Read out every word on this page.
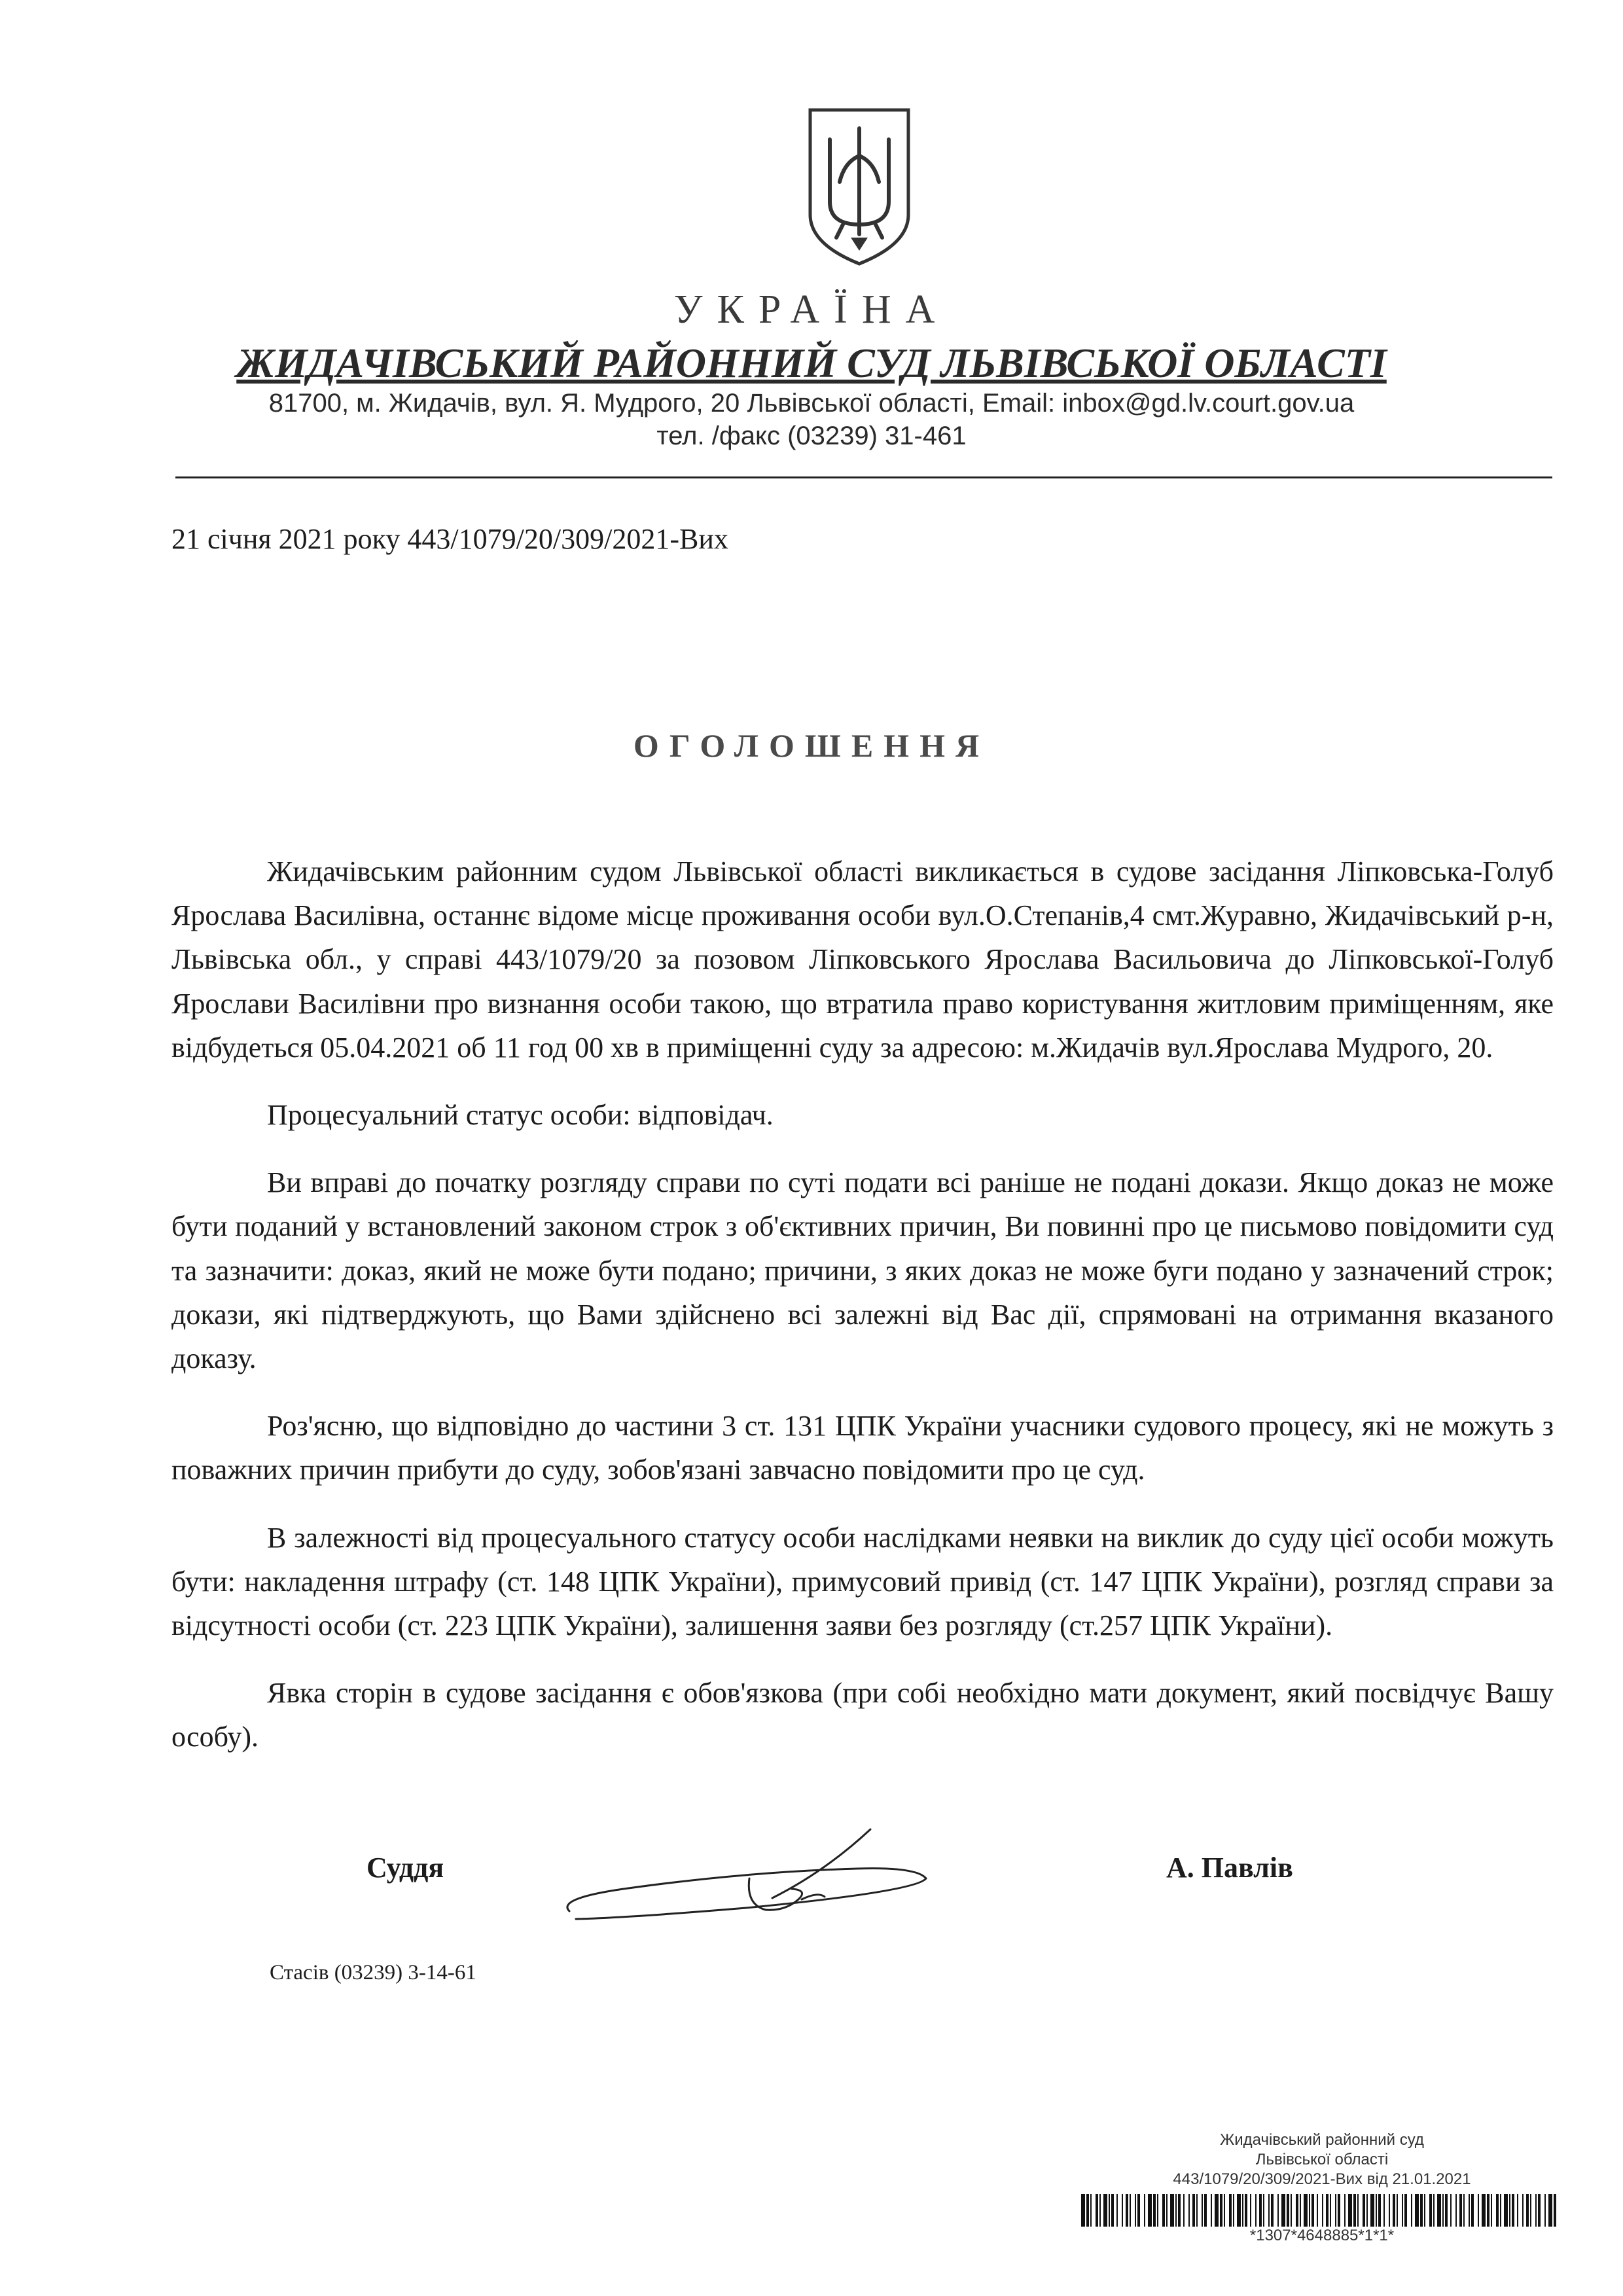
УКРАЇНА
ЖИДАЧІВСЬКИЙ РАЙОННИЙ СУД ЛЬВІВСЬКОЇ ОБЛАСТІ
81700, м. Жидачів, вул. Я. Мудрого, 20 Львівської області, Email: inbox@gd.lv.court.gov.ua
тел. /факс (03239) 31-461
21 січня 2021 року 443/1079/20/309/2021-Вих
ОГОЛОШЕННЯ

Жидачівським районним судом Львівської області викликається в судове засідання Ліпковська-Голуб Ярослава Василівна, останнє відоме місце проживання особи вул.О.Степанів,4 смт.Журавно, Жидачівський р-н, Львівська обл., у справі 443/1079/20 за позовом Ліпковського Ярослава Васильовича до Ліпковської-Голуб Ярослави Василівни про визнання особи такою, що втратила право користування житловим приміщенням, яке відбудеться 05.04.2021 об 11 год 00 хв в приміщенні суду за адресою: м.Жидачів вул.Ярослава Мудрого, 20.

Процесуальний статус особи: відповідач.

Ви вправі до початку розгляду справи по суті подати всі раніше не подані докази. Якщо доказ не може бути поданий у встановлений законом строк з об'єктивних причин, Ви повинні про це письмово повідомити суд та зазначити: доказ, який не може бути подано; причини, з яких доказ не може буги подано у зазначений строк; докази, які підтверджують, що Вами здійснено всі залежні від Вас дії, спрямовані на отримання вказаного доказу.

Роз'ясню, що відповідно до частини 3 ст. 131 ЦПК України учасники судового процесу, які не можуть з поважних причин прибути до суду, зобов'язані завчасно повідомити про це суд.

В залежності від процесуального статусу особи наслідками неявки на виклик до суду цієї особи можуть бути: накладення штрафу (ст. 148 ЦПК України), примусовий привід (ст. 147 ЦПК України), розгляд справи за відсутності особи (ст. 223 ЦПК України), залишення заяви без розгляду (ст.257 ЦПК України).

Явка сторін в судове засідання є обов'язкова (при собі необхідно мати документ, який посвідчує Вашу особу).

Суддя	А. Павлів
Стасів (03239) 3-14-61
Жидачівський районний суд
Львівської області
443/1079/20/309/2021-Вих від 21.01.2021
*1307*4648885*1*1*
